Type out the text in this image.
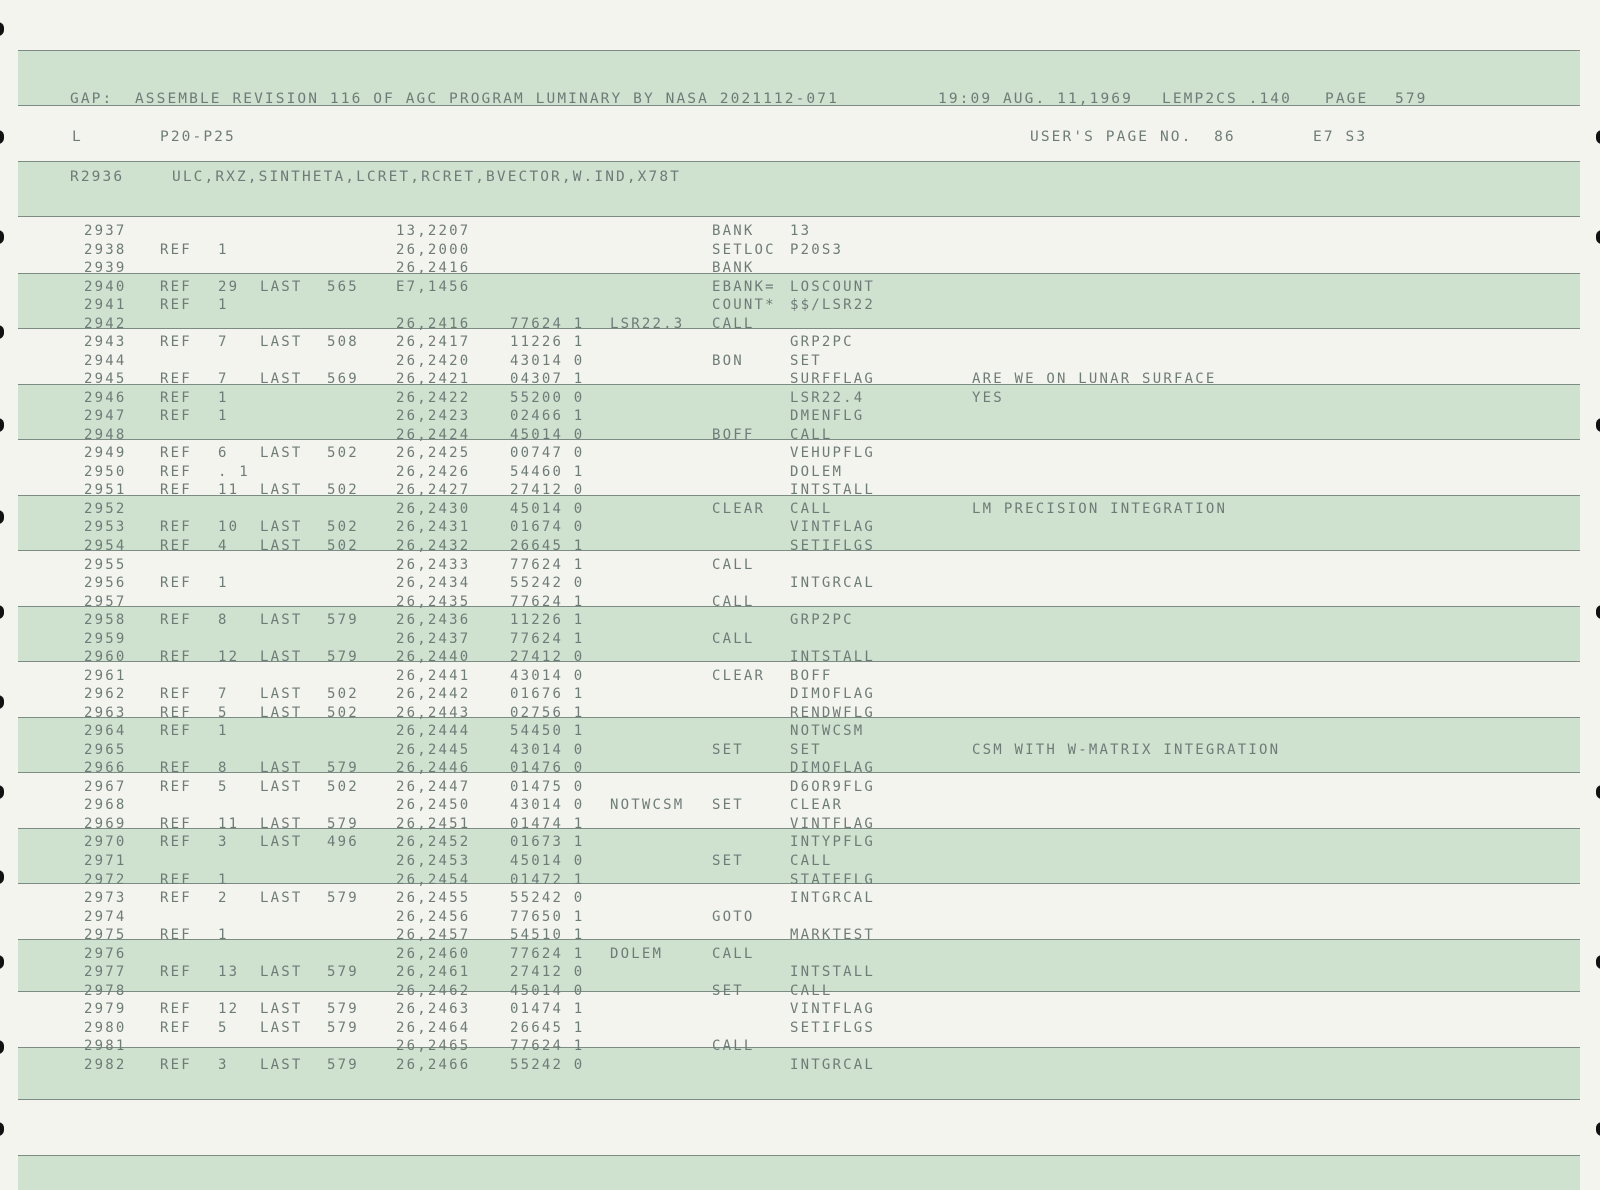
GAP:  ASSEMBLE REVISION 116 OF AGC PROGRAM LUMINARY BY NASA 2021112-071	19:09 AUG. 11,1969 LEMP2CS .140 PAGE 579
L	P20-P25	USER'S PAGE NO.  86	E7 S3
R2936	ULC,RXZ,SINTHETA,LCRET,RCRET,BVECTOR,W.IND,X78T
2937	13,2207	BANK	13
2938 REF 1	26,2000	SETLOC P20S3
2939	26,2416	BANK
2940 REF 29 LAST 565	E7,1456	EBANK= LOSCOUNT
2941 REF 1	COUNT* $$/LSR22
2942	26,2416	77624 1 LSR22.3 CALL
2943 REF 7 LAST 508	26,2417	11226 1	GRP2PC
2944	26,2420	43014 0	BON	SET
2945 REF 7 LAST 569	26,2421	04307 1	SURFFLAG	ARE WE ON LUNAR SURFACE
2946 REF 1	26,2422	55200 0	LSR22.4	YES
2947 REF 1	26,2423	02466 1	DMENFLG
2948	26,2424	45014 0	BOFF	CALL
2949 REF 6 LAST 502	26,2425	00747 0	VEHUPFLG
2950 REF . 1	26,2426	54460 1	DOLEM
2951 REF 11 LAST 502	26,2427	27412 0	INTSTALL
2952	26,2430	45014 0	CLEAR CALL	LM PRECISION INTEGRATION
2953 REF 10 LAST 502	26,2431	01674 0	VINTFLAG
2954 REF 4 LAST 502	26,2432	26645 1	SETIFLGS
2955	26,2433	77624 1	CALL
2956 REF 1	26,2434	55242 0	INTGRCAL
2957	26,2435	77624 1	CALL
2958 REF 8 LAST 579	26,2436	11226 1	GRP2PC
2959	26,2437	77624 1	CALL
2960 REF 12 LAST 579	26,2440	27412 0	INTSTALL
2961	26,2441	43014 0	CLEAR BOFF
2962 REF 7 LAST 502	26,2442	01676 1	DIMOFLAG
2963 REF 5 LAST 502	26,2443	02756 1	RENDWFLG
2964 REF 1	26,2444	54450 1	NOTWCSM
2965	26,2445	43014 0	SET	SET	CSM WITH W-MATRIX INTEGRATION
2966 REF 8 LAST 579	26,2446	01476 0	DIMOFLAG
2967 REF 5 LAST 502	26,2447	01475 0	D6OR9FLG
2968	26,2450	43014 0 NOTWCSM SET	CLEAR
2969 REF 11 LAST 579	26,2451	01474 1	VINTFLAG
2970 REF 3 LAST 496	26,2452	01673 1	INTYPFLG
2971	26,2453	45014 0	SET	CALL
2972 REF 1	26,2454	01472 1	STATEFLG
2973 REF 2 LAST 579	26,2455	55242 0	INTGRCAL
2974	26,2456	77650 1	GOTO
2975 REF 1	26,2457	54510 1	MARKTEST
2976	26,2460	77624 1 DOLEM	CALL
2977 REF 13 LAST 579	26,2461	27412 0	INTSTALL
2978	26,2462	45014 0	SET	CALL
2979 REF 12 LAST 579	26,2463	01474 1	VINTFLAG
2980 REF 5 LAST 579	26,2464	26645 1	SETIFLGS
2981	26,2465	77624 1	CALL
2982 REF 3 LAST 579	26,2466	55242 0	INTGRCAL
